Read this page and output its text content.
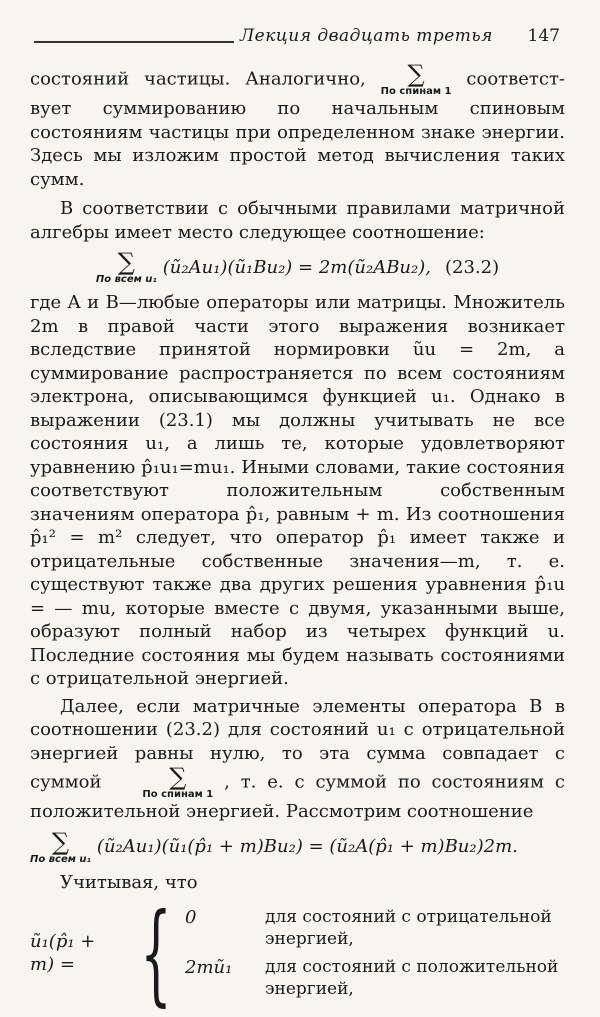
Лекция двадцать третья	147

состояний частицы. Аналогично,	∑
По спинам 1
соответст-вует суммированию по начальным спиновым состояниям частицы при определенном знаке энергии. Здесь мы изложим простой метод вычисления таких сумм.

В соответствии с обычными правилами матричной алгебры имеет место следующее соотношение:

∑
По всем u₁
(ũ₂Au₁)(ũ₁Bu₂) = 2m(ũ₂ABu₂), (23.2)

где A и B—любые операторы или матрицы. Множитель 2m в правой части этого выражения возникает вследствие принятой нормировки ũu = 2m, а суммирование распространяется по всем состояниям электрона, описывающимся функцией u₁. Однако в выражении (23.1) мы должны учитывать не все состояния u₁, а лишь те, которые удовлетворяют уравнению p̂₁u₁=mu₁. Иными словами, такие состояния соответствуют положительным собственным значениям оператора p̂₁, равным + m. Из соотношения p̂₁² = m² следует, что оператор p̂₁ имеет также и отрицательные собственные значения—m, т. е. существуют также два других решения уравнения p̂₁u = — mu, которые вместе с двумя, указанными выше, образуют полный набор из четырех функций u. Последние состояния мы будем называть состояниями с отрицательной энергией.

Далее, если матричные элементы оператора B в соотношении (23.2) для состояний u₁ с отрицательной энергией равны нулю, то эта сумма совпадает с суммой	∑
По спинам 1
, т. е. с суммой по состояниям с положительной энергией. Рассмотрим соотношение

∑
По всем u₁
(ũ₂Au₁)(ũ₁(p̂₁ + m)Bu₂) = (ũ₂A(p̂₁ + m)Bu₂)2m.

Учитывая, что

ũ₁(p̂₁ + m) = { 0	для состояний с отрицательной энергией,
2mũ₁	для состояний с положительной энергией,
